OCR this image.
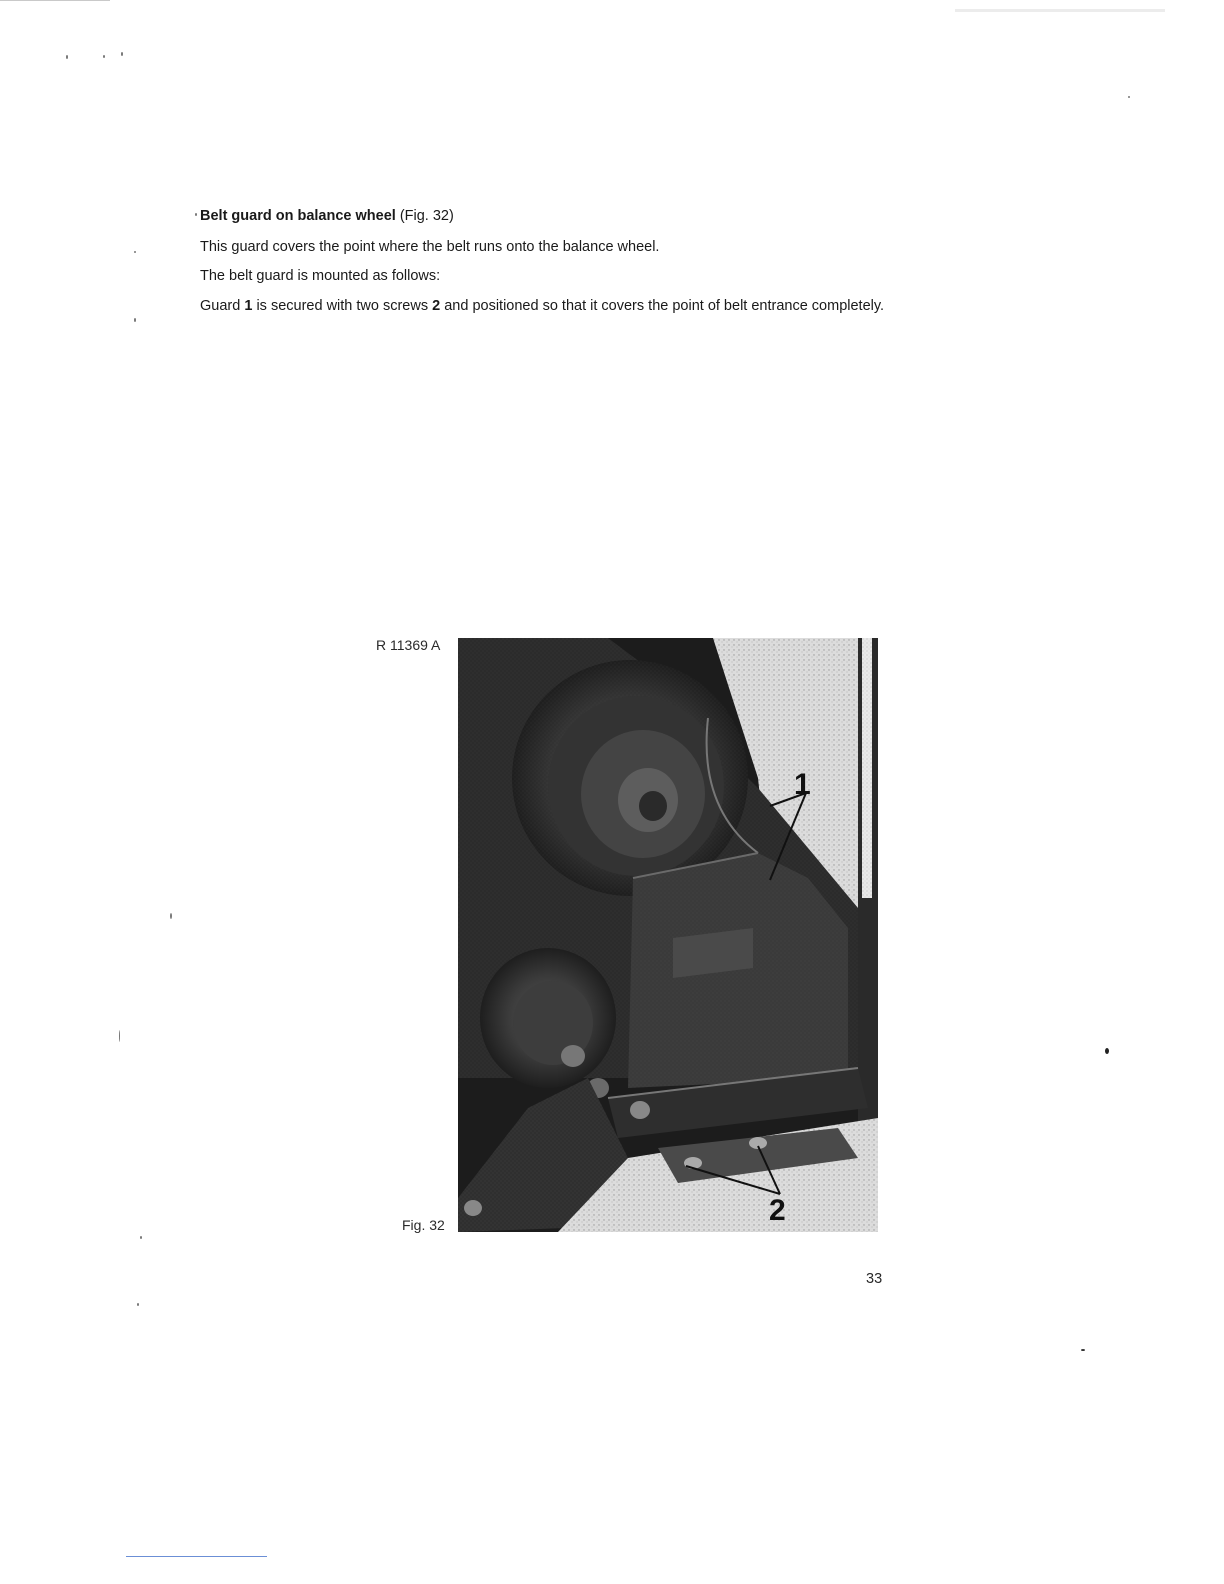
Belt guard on balance wheel (Fig. 32)

This guard covers the point where the belt runs onto the balance wheel.

The belt guard is mounted as follows:

Guard 1 is secured with two screws 2 and positioned so that it covers the point of belt entrance completely.

R 11369 A
1
2
Fig. 32
33
